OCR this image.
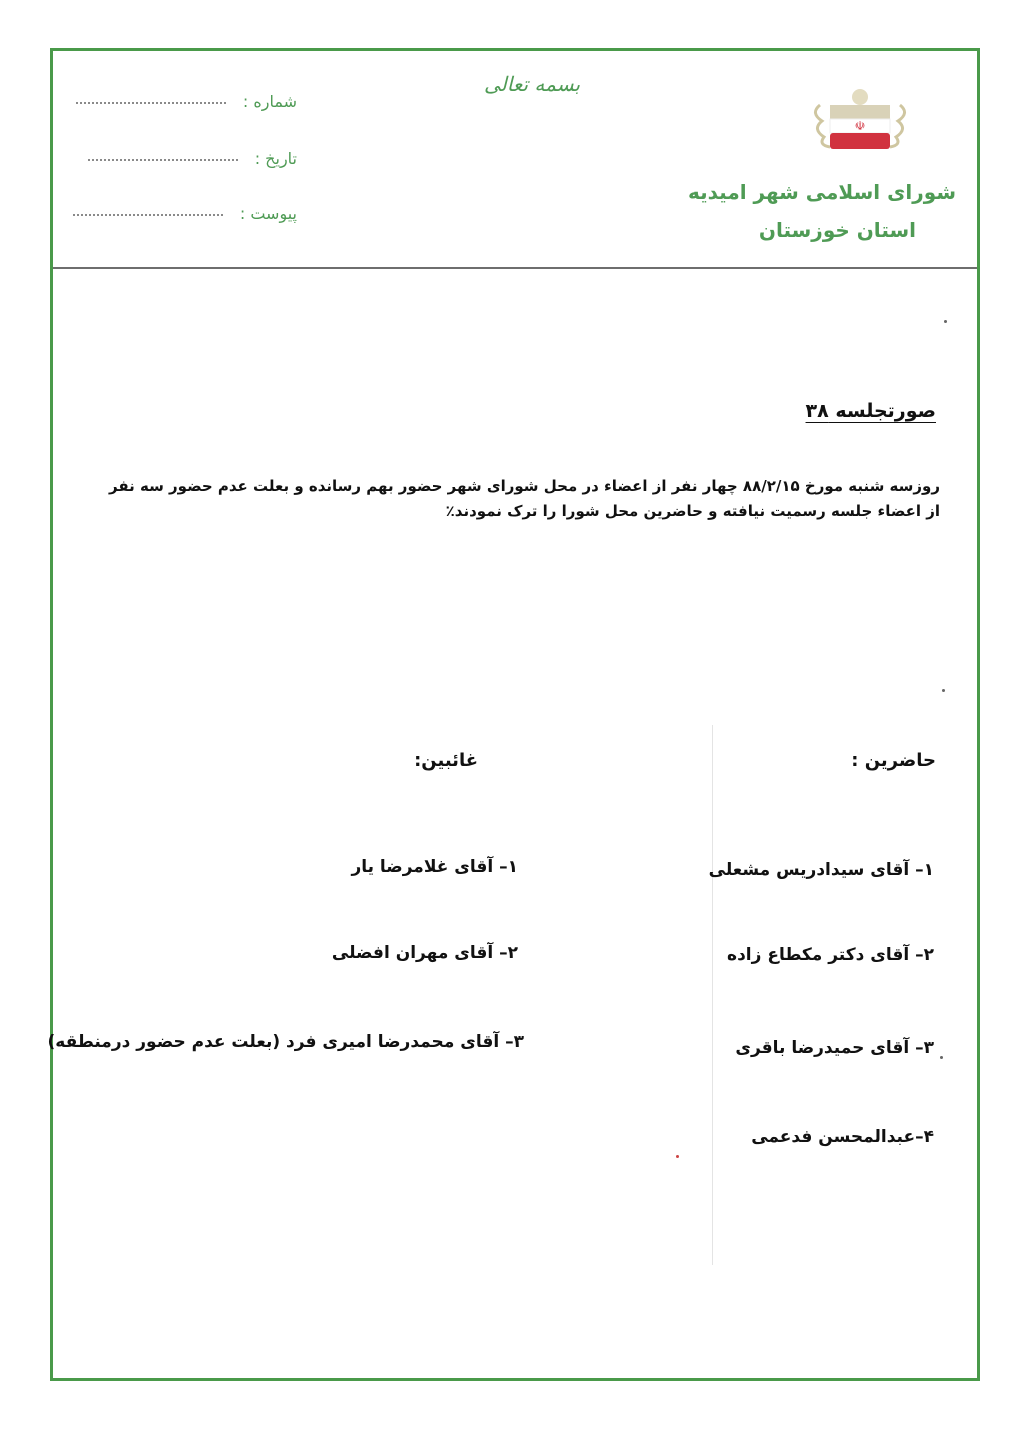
بسمه تعالی
☫
شماره :
تاریخ :
پیوست :
شورای اسلامی شهر امیدیه
استان خوزستان
صورتجلسه ۳۸
روزسه شنبه مورخ ۸۸/۲/۱۵ چهار نفر از اعضاء در محل شورای شهر حضور بهم رسانده و بعلت عدم حضور سه نفر از اعضاء جلسه رسمیت نیافته و حاضرین محل شورا را ترک نمودند٪
حاضرین :
۱– آقای سیدادریس مشعلی
۲– آقای دکتر مکطاع زاده
۳– آقای حمیدرضا باقری
۴–عبدالمحسن فدعمی
غائبین:
۱– آقای غلامرضا یار
۲– آقای مهران افضلی
۳– آقای محمدرضا امیری فرد (بعلت عدم حضور درمنطقه)
